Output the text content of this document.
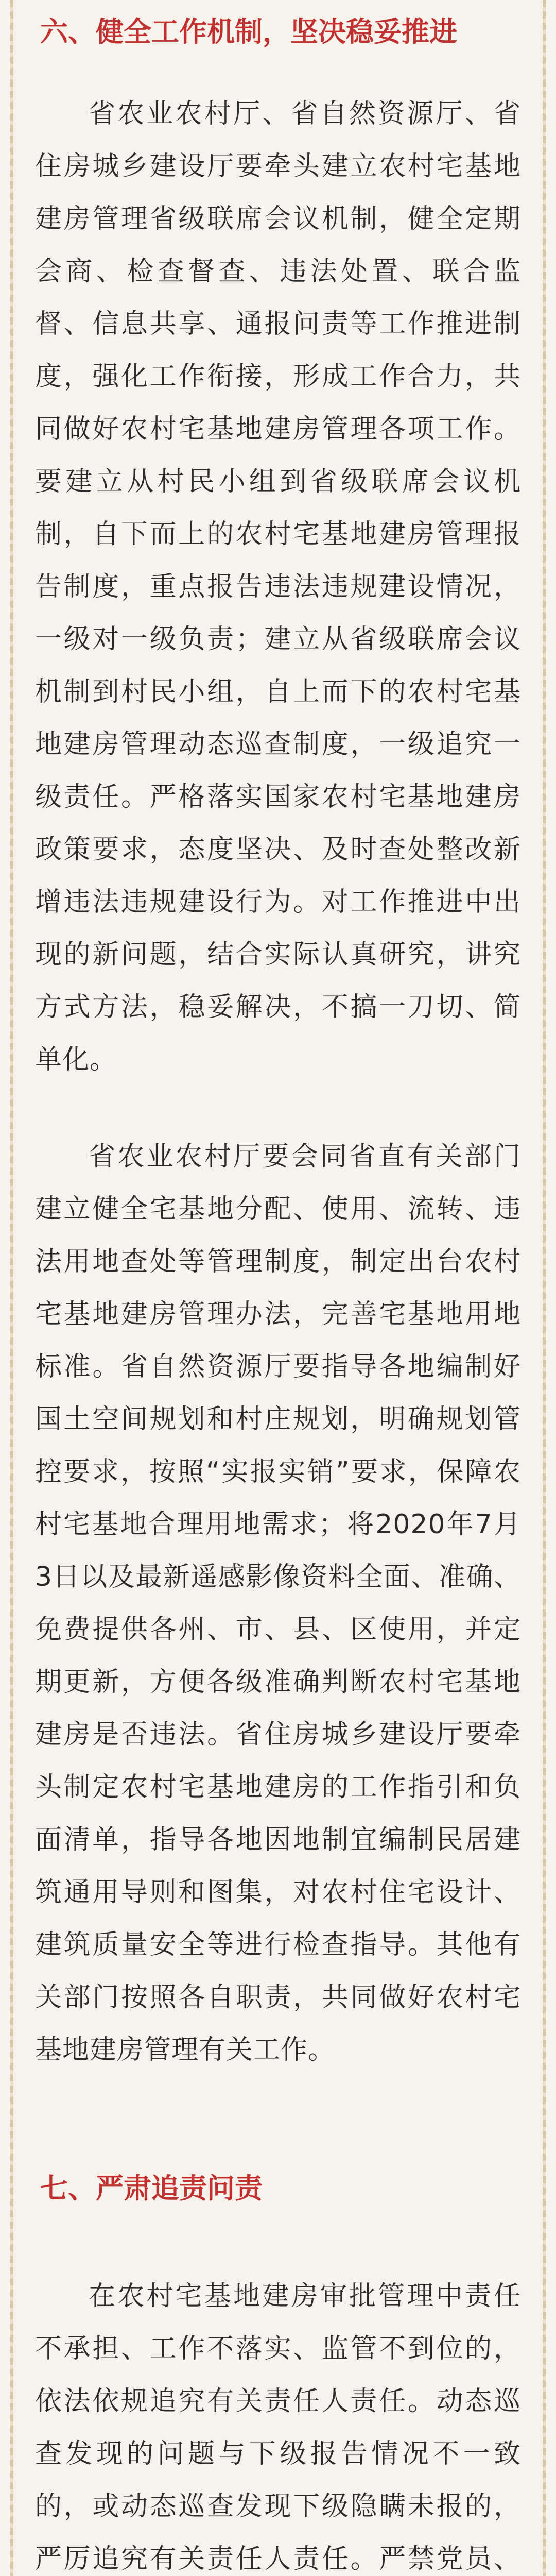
六、健全工作机制，坚决稳妥推进

省农业农村厅、省自然资源厅、省住房城乡建设厅要牵头建立农村宅基地建房管理省级联席会议机制，健全定期会商、检查督查、违法处置、联合监督、信息共享、通报问责等工作推进制度，强化工作衔接，形成工作合力，共同做好农村宅基地建房管理各项工作。要建立从村民小组到省级联席会议机制，自下而上的农村宅基地建房管理报告制度，重点报告违法违规建设情况，一级对一级负责；建立从省级联席会议机制到村民小组，自上而下的农村宅基地建房管理动态巡查制度，一级追究一级责任。严格落实国家农村宅基地建房政策要求，态度坚决、及时查处整改新增违法违规建设行为。对工作推进中出现的新问题，结合实际认真研究，讲究方式方法，稳妥解决，不搞一刀切、简单化。

省农业农村厅要会同省直有关部门建立健全宅基地分配、使用、流转、违法用地查处等管理制度，制定出台农村宅基地建房管理办法，完善宅基地用地标准。省自然资源厅要指导各地编制好国土空间规划和村庄规划，明确规划管控要求，按照“实报实销”要求，保障农村宅基地合理用地需求；将2020年7月3日以及最新遥感影像资料全面、准确、免费提供各州、市、县、区使用，并定期更新，方便各级准确判断农村宅基地建房是否违法。省住房城乡建设厅要牵头制定农村宅基地建房的工作指引和负面清单，指导各地因地制宜编制民居建筑通用导则和图集，对农村住宅设计、建筑质量安全等进行检查指导。其他有关部门按照各自职责，共同做好农村宅基地建房管理有关工作。

七、严肃追责问责

在农村宅基地建房审批管理中责任不承担、工作不落实、监管不到位的，依法依规追究有关责任人责任。动态巡查发现的问题与下级报告情况不一致的，或动态巡查发现下级隐瞒未报的，严厉追究有关责任人责任。严禁党员、
